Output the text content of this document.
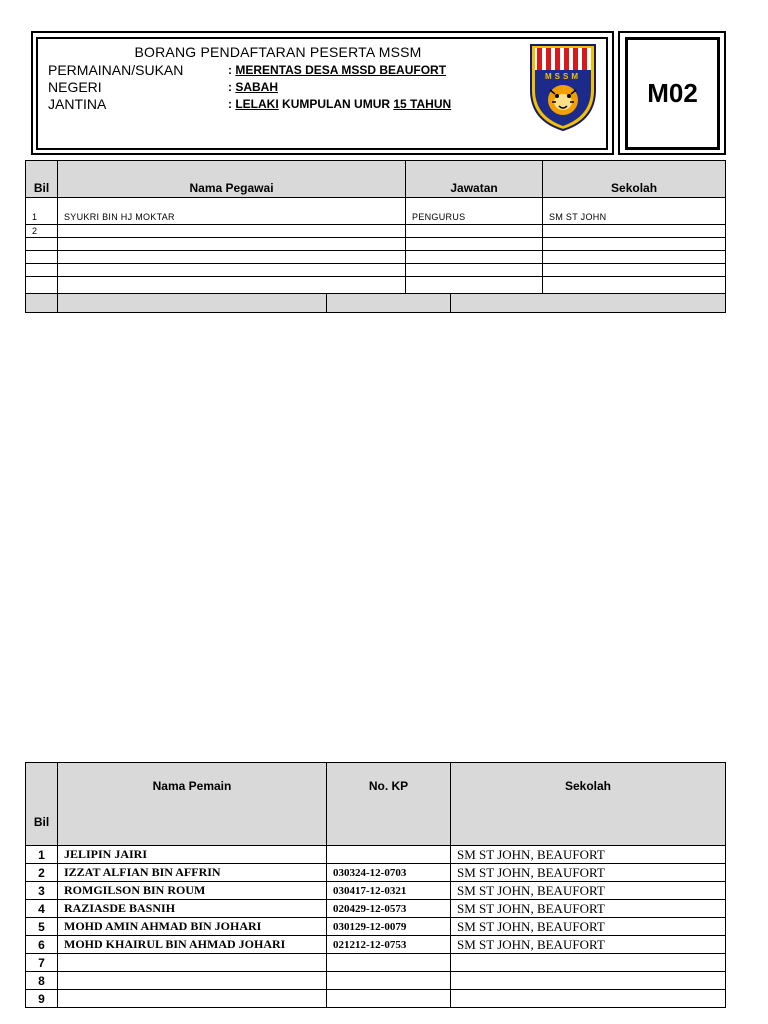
BORANG PENDAFTARAN PESERTA MSSM
PERMAINAN/SUKAN	: MERENTAS DESA MSSD BEAUFORT
NEGERI	: SABAH
JANTINA	: LELAKI KUMPULAN UMUR 15 TAHUN
MSSM
M02
Bil	Nama Pegawai		Jawatan		Sekolah
1	SYUKRI BIN HJ MOKTAR		PENGURUS		SM ST JOHN
2					

Bil	Nama Pemain	No. KP	Sekolah
1	JELIPIN JAIRI		SM ST JOHN, BEAUFORT
2	IZZAT ALFIAN BIN AFFRIN	030324-12-0703	SM ST JOHN, BEAUFORT
3	ROMGILSON BIN ROUM	030417-12-0321	SM ST JOHN, BEAUFORT
4	RAZIASDE BASNIH	020429-12-0573	SM ST JOHN, BEAUFORT
5	MOHD AMIN AHMAD BIN JOHARI	030129-12-0079	SM ST JOHN, BEAUFORT
6	MOHD KHAIRUL BIN AHMAD JOHARI	021212-12-0753	SM ST JOHN, BEAUFORT
7			
8			
9			
